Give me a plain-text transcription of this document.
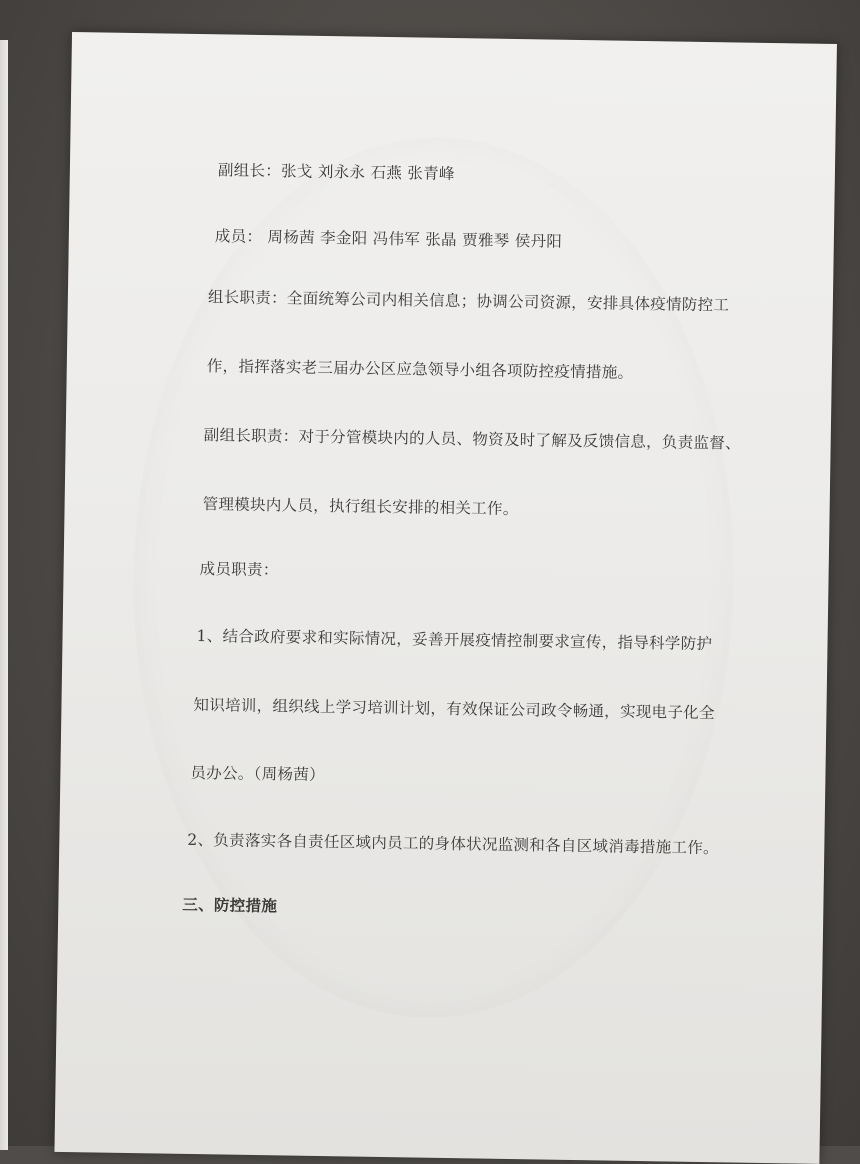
副组长：张戈 刘永永 石燕 张青峰
成员： 周杨茜 李金阳 冯伟军 张晶 贾雅琴 侯丹阳
组长职责：全面统筹公司内相关信息；协调公司资源，安排具体疫情防控工
作，指挥落实老三届办公区应急领导小组各项防控疫情措施。
副组长职责：对于分管模块内的人员、物资及时了解及反馈信息，负责监督、
管理模块内人员，执行组长安排的相关工作。
成员职责：
1、结合政府要求和实际情况，妥善开展疫情控制要求宣传，指导科学防护
知识培训，组织线上学习培训计划，有效保证公司政令畅通，实现电子化全
员办公。（周杨茜）
2、负责落实各自责任区域内员工的身体状况监测和各自区域消毒措施工作。
三、防控措施
